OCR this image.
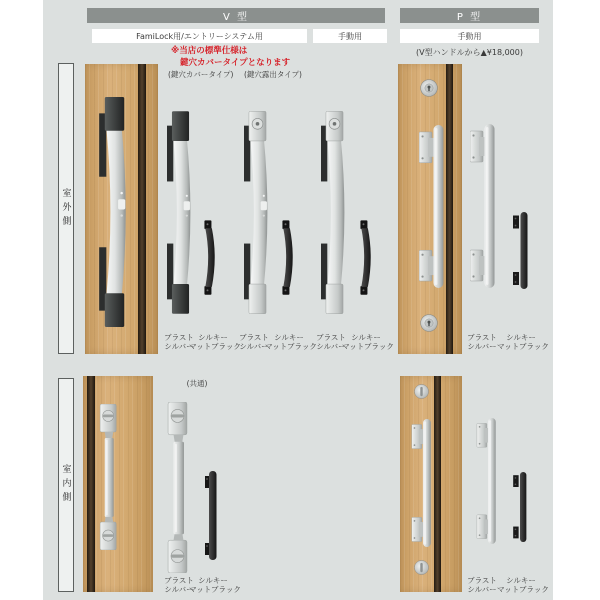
V 型	P 型
FamiLock用/エントリーシステム用	手動用	手動用
※当店の標準仕様は
鍵穴カバータイプとなります
(V型ハンドルから▲¥18,000)
(鍵穴カバータイプ) (鍵穴露出タイプ)
(共通)
室外側
室内側
ブラスト
シルバー
シルキー
マットブラック
ブラスト
シルバー
シルキー
マットブラック
ブラスト
シルバー
シルキー
マットブラック
ブラスト
シルバー
シルキー
マットブラック
ブラスト
シルバー
シルキー
マットブラック
ブラスト
シルバー
シルキー
マットブラック
